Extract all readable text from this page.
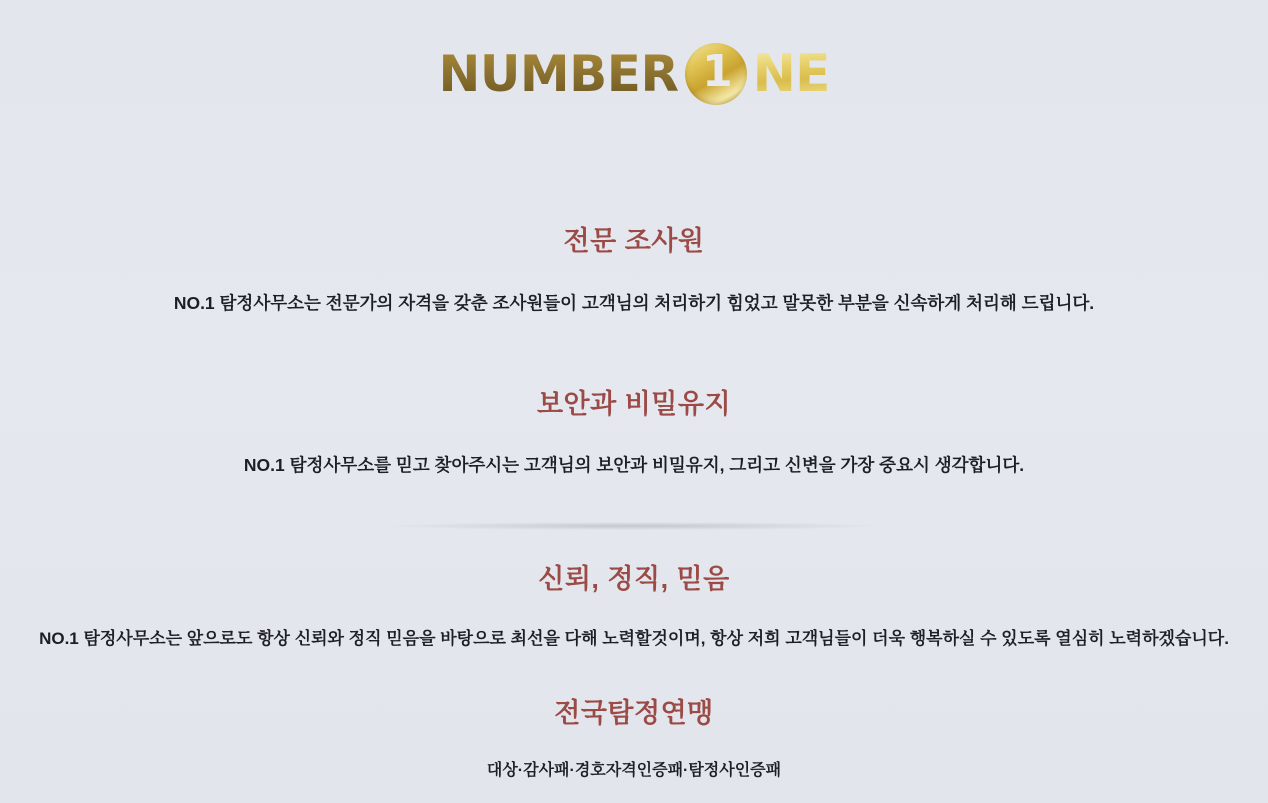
NUMBER 1 NE
전문 조사원

NO.1 탐정사무소는 전문가의 자격을 갖춘 조사원들이 고객님의 처리하기 힘었고 말못한 부분을 신속하게 처리해 드립니다.

보안과 비밀유지

NO.1 탐정사무소를 믿고 찾아주시는 고객님의 보안과 비밀유지, 그리고 신변을 가장 중요시 생각합니다.

신뢰, 정직, 믿음

NO.1 탐정사무소는 앞으로도 항상 신뢰와 정직 믿음을 바탕으로 최선을 다해 노력할것이며, 항상 저희 고객님들이 더욱 행복하실 수 있도록 열심히 노력하겠습니다.

전국탐정연맹

대상·감사패·경호자격인증패·탐정사인증패
